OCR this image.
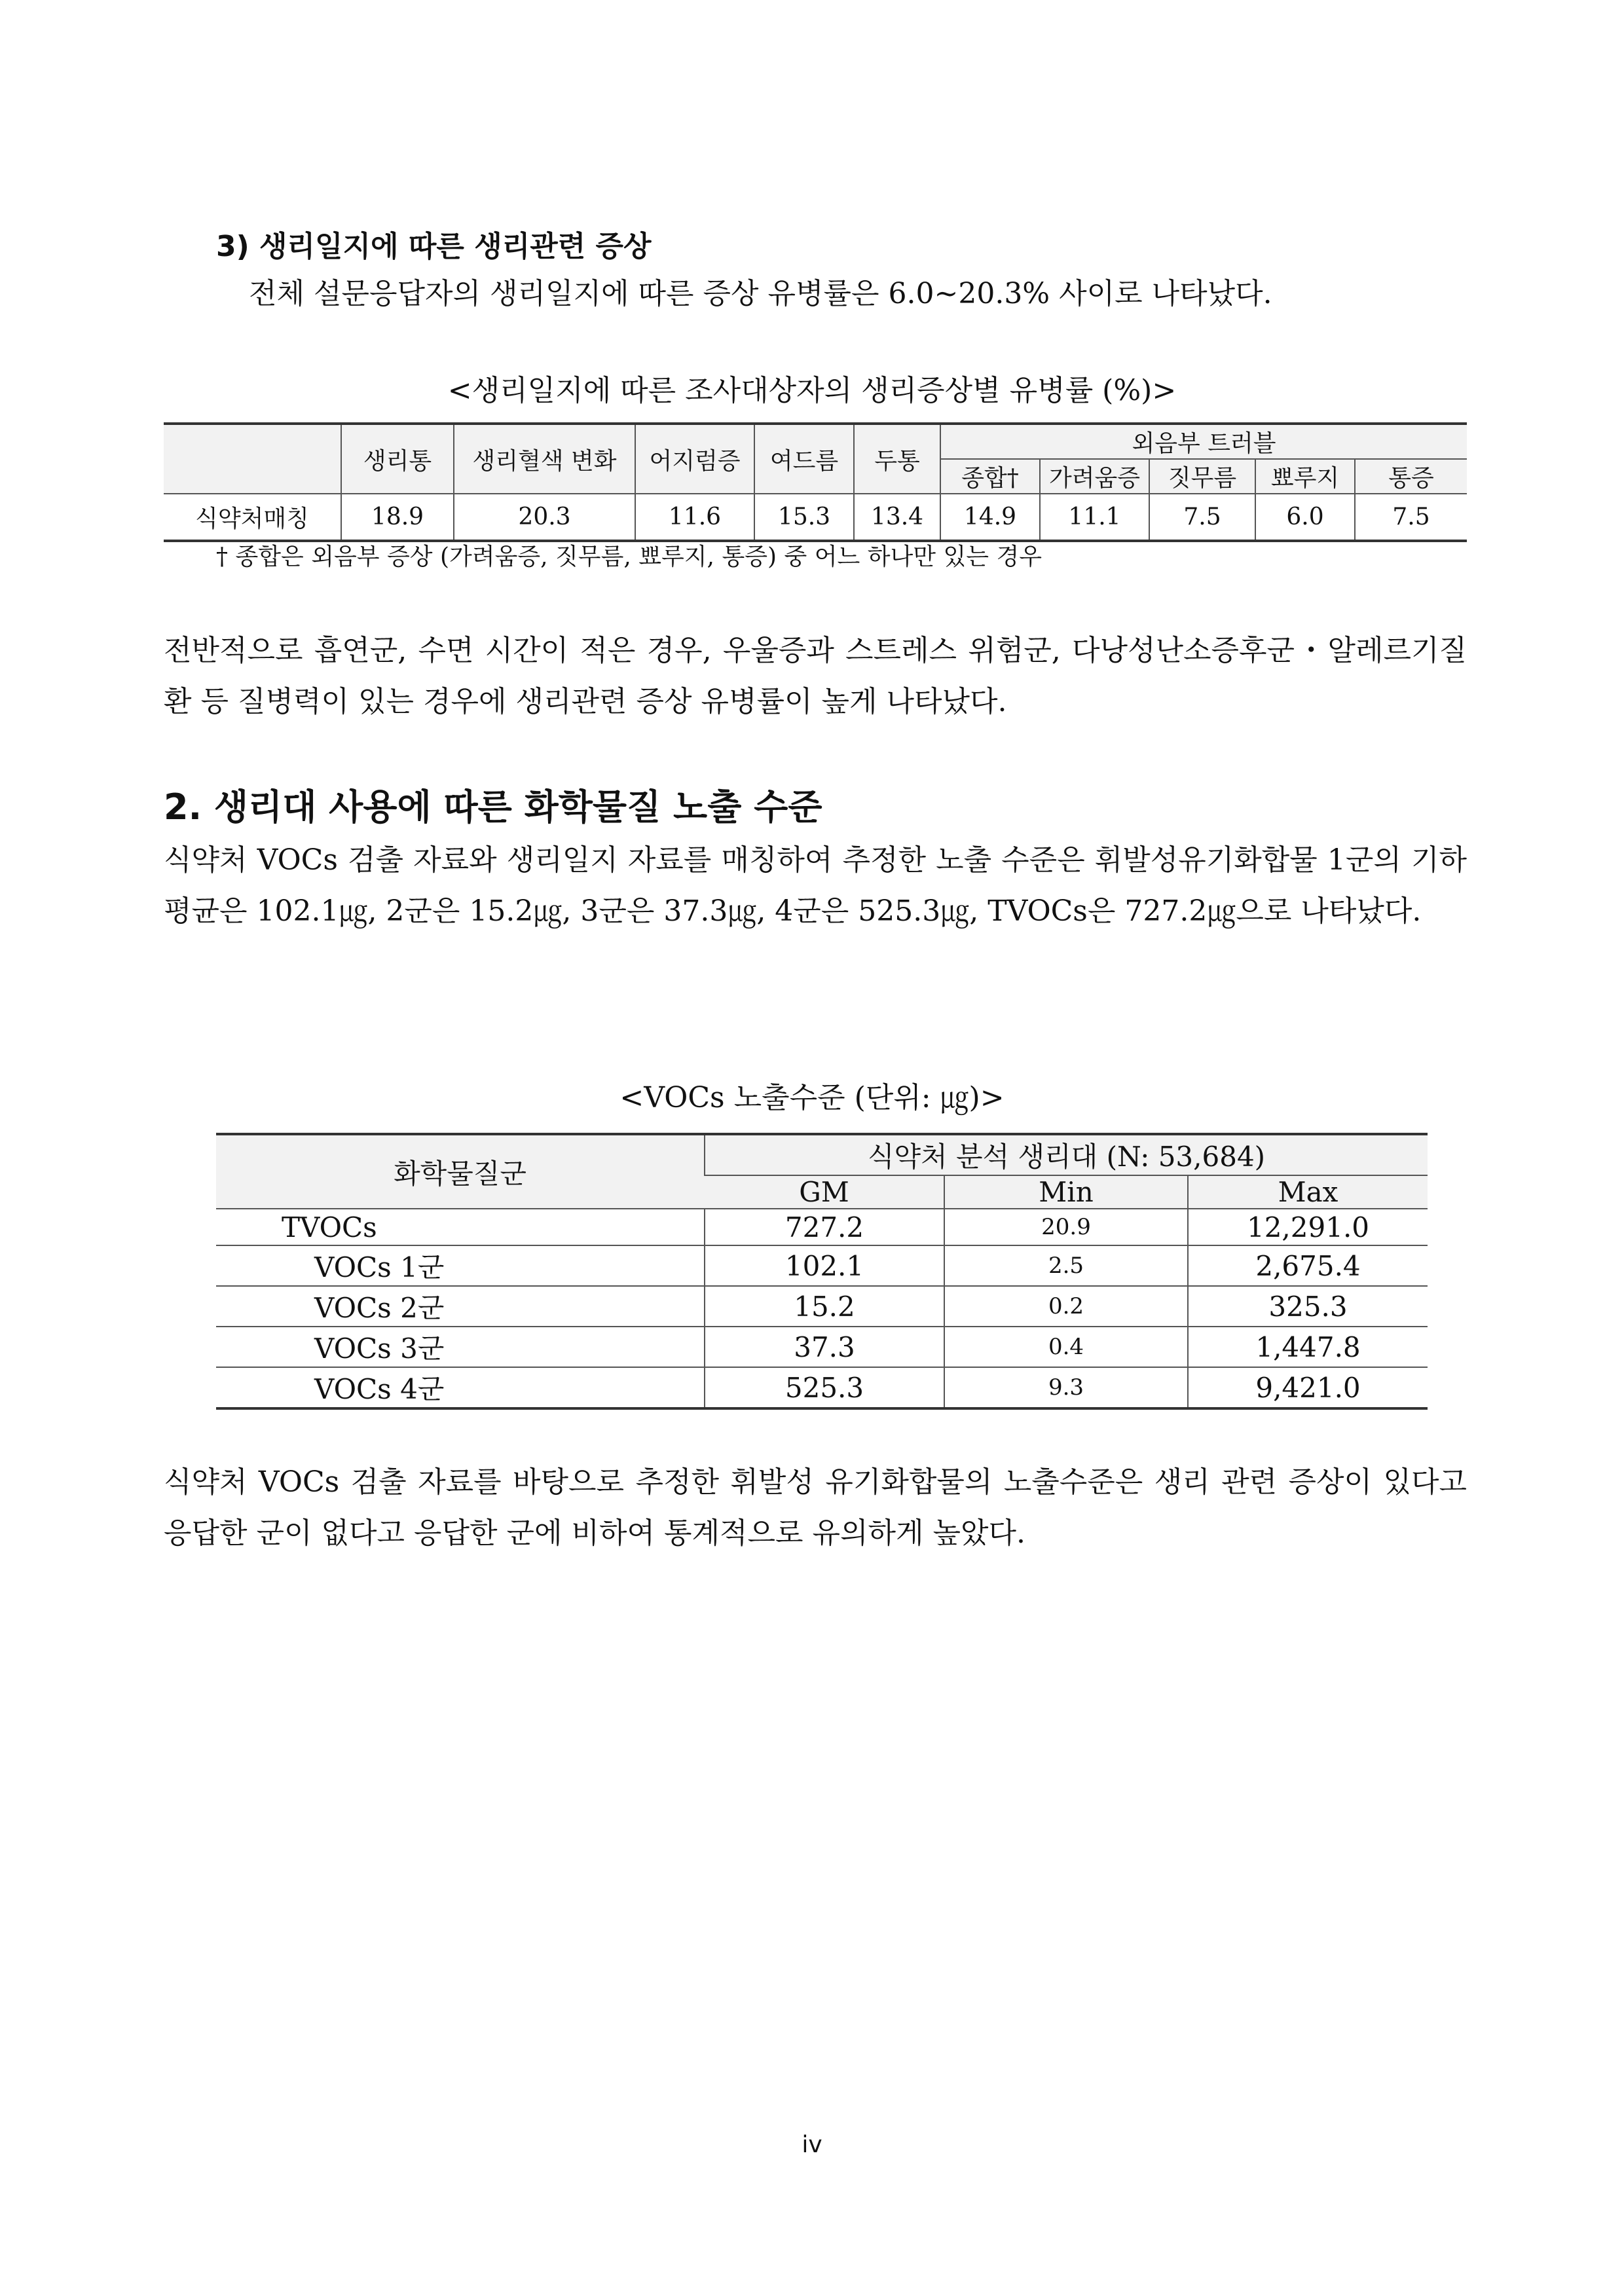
3) 생리일지에 따른 생리관련 증상
전체 설문응답자의 생리일지에 따른 증상 유병률은 6.0~20.3% 사이로 나타났다.
<생리일지에 따른 조사대상자의 생리증상별 유병률 (%)>
	생리통	생리혈색 변화	어지럼증	여드름	두통	외음부 트러블				
						종합†	가려움증	짓무름	뾰루지	통증
식약처매칭	18.9	20.3	11.6	15.3	13.4	14.9	11.1	7.5	6.0	7.5
† 종합은 외음부 증상 (가려움증, 짓무름, 뾰루지, 통증) 중 어느 하나만 있는 경우
전반적으로 흡연군, 수면 시간이 적은 경우, 우울증과 스트레스 위험군, 다낭성난소증후군・알레르기질환 등 질병력이 있는 경우에 생리관련 증상 유병률이 높게 나타났다.
2. 생리대 사용에 따른 화학물질 노출 수준
식약처 VOCs 검출 자료와 생리일지 자료를 매칭하여 추정한 노출 수준은 휘발성유기화합물 1군의 기하평균은 102.1㎍, 2군은 15.2㎍, 3군은 37.3㎍, 4군은 525.3㎍, TVOCs은 727.2㎍으로 나타났다.
<VOCs 노출수준 (단위: ㎍)>
화학물질군	식약처 분석 생리대 (N: 53,684)		
	GM	Min	Max
TVOCs	727.2	20.9	12,291.0
VOCs 1군	102.1	2.5	2,675.4
VOCs 2군	15.2	0.2	325.3
VOCs 3군	37.3	0.4	1,447.8
VOCs 4군	525.3	9.3	9,421.0
식약처 VOCs 검출 자료를 바탕으로 추정한 휘발성 유기화합물의 노출수준은 생리 관련 증상이 있다고 응답한 군이 없다고 응답한 군에 비하여 통계적으로 유의하게 높았다.
iv
